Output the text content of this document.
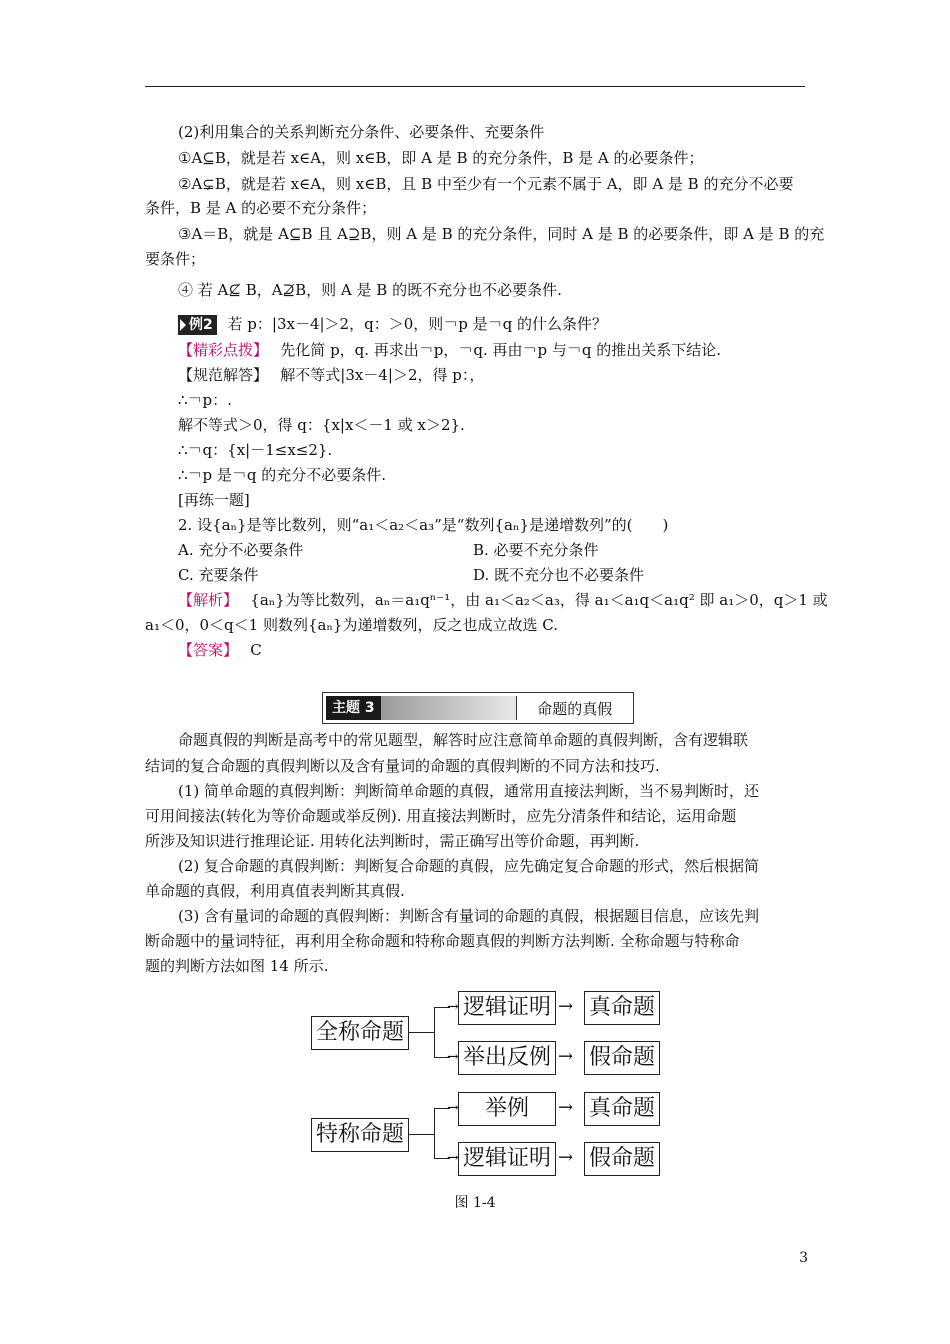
(2)利用集合的关系判断充分条件、必要条件、充要条件
①A⊆B，就是若 x∈A，则 x∈B，即 A 是 B 的充分条件，B 是 A 的必要条件；
②A⊊B，就是若 x∈A，则 x∈B，且 B 中至少有一个元素不属于 A，即 A 是 B 的充分不必要
条件，B 是 A 的必要不充分条件；
③A＝B，就是 A⊆B 且 A⊇B，则 A 是 B 的充分条件，同时 A 是 B 的必要条件，即 A 是 B 的充
要条件；
④ 若 A⊈ B，A⊉B，则 A 是 B 的既不充分也不必要条件.
例2 若 p：|3x－4|＞2，q：＞0，则￢p 是￢q 的什么条件？
【精彩点拨】　 先化简 p，q. 再求出￢p，￢q. 再由￢p 与￢q 的推出关系下结论.
【规范解答】　 解不等式|3x－4|＞2，得 p：，
∴￢p：.
解不等式＞0，得 q：{x|x＜－1 或 x＞2}.
∴￢q：{x|－1≤x≤2}.
∴￢p 是￢q 的充分不必要条件.
[再练一题]
2. 设{aₙ}是等比数列，则“a₁＜a₂＜a₃”是“数列{aₙ}是递增数列”的(　　)
A. 充分不必要条件	B. 必要不充分条件
C. 充要条件	D. 既不充分也不必要条件
【解析】　 {aₙ}为等比数列，aₙ＝a₁qⁿ⁻¹，由 a₁＜a₂＜a₃，得 a₁＜a₁q＜a₁q² 即 a₁＞0，q＞1 或
a₁＜0，0＜q＜1 则数列{aₙ}为递增数列，反之也成立故选 C.
【答案】　 C
主题 3	命题的真假
命题真假的判断是高考中的常见题型，解答时应注意简单命题的真假判断，含有逻辑联
结词的复合命题的真假判断以及含有量词的命题的真假判断的不同方法和技巧.
(1) 简单命题的真假判断：判断简单命题的真假，通常用直接法判断，当不易判断时，还
可用间接法(转化为等价命题或举反例). 用直接法判断时，应先分清条件和结论，运用命题
所涉及知识进行推理论证. 用转化法判断时，需正确写出等价命题，再判断.
(2) 复合命题的真假判断：判断复合命题的真假，应先确定复合命题的形式，然后根据简
单命题的真假，利用真值表判断其真假.
(3) 含有量词的命题的真假判断：判断含有量词的命题的真假，根据题目信息，应该先判
断命题中的量词特征，再利用全称命题和特称命题真假的判断方法判断. 全称命题与特称命
题的判断方法如图 14 所示.
全称命题
逻辑证明 真命题
举出反例 假命题
特称命题
举例	真命题
逻辑证明 假命题
→
→
→
→
→
→
→
→
图 1-4
3
